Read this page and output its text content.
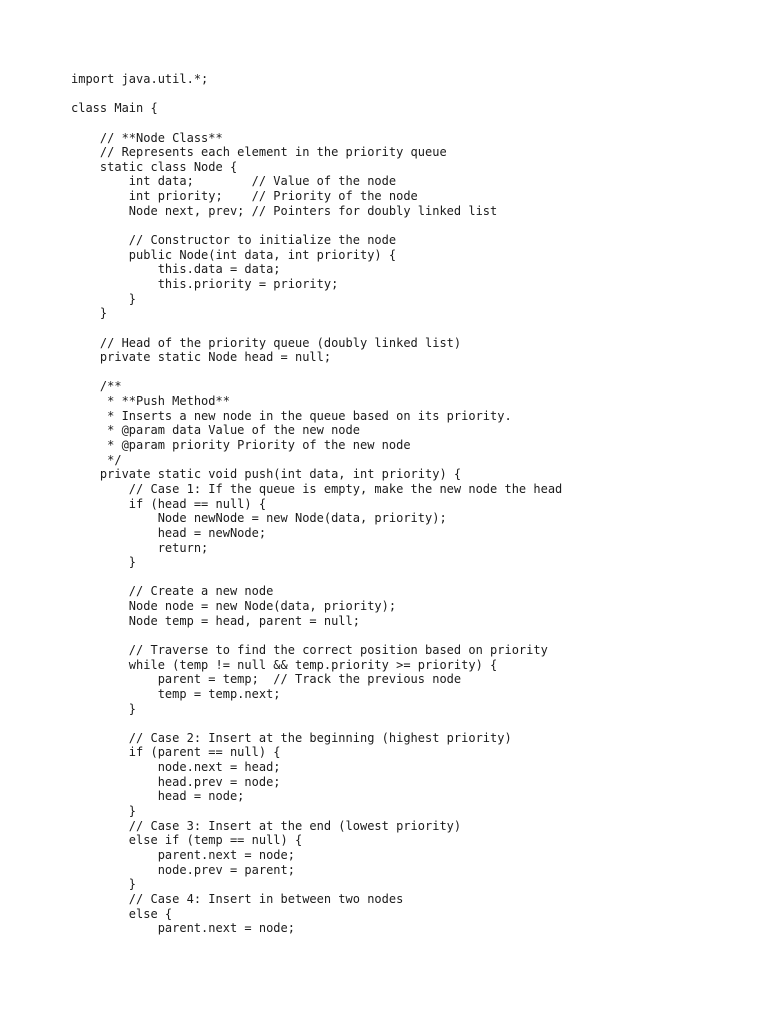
import java.util.*;
class Main {
// **Node Class**
// Represents each element in the priority queue
static class Node {
int data;        // Value of the node
int priority;    // Priority of the node
Node next, prev; // Pointers for doubly linked list
// Constructor to initialize the node
public Node(int data, int priority) {
this.data = data;
this.priority = priority;
}
}
// Head of the priority queue (doubly linked list)
private static Node head = null;
/**
* **Push Method**
* Inserts a new node in the queue based on its priority.
* @param data Value of the new node
* @param priority Priority of the new node
*/
private static void push(int data, int priority) {
// Case 1: If the queue is empty, make the new node the head
if (head == null) {
Node newNode = new Node(data, priority);
head = newNode;
return;
}
// Create a new node
Node node = new Node(data, priority);
Node temp = head, parent = null;
// Traverse to find the correct position based on priority
while (temp != null && temp.priority >= priority) {
parent = temp;  // Track the previous node
temp = temp.next;
}
// Case 2: Insert at the beginning (highest priority)
if (parent == null) {
node.next = head;
head.prev = node;
head = node;
}
// Case 3: Insert at the end (lowest priority)
else if (temp == null) {
parent.next = node;
node.prev = parent;
}
// Case 4: Insert in between two nodes
else {
parent.next = node;
